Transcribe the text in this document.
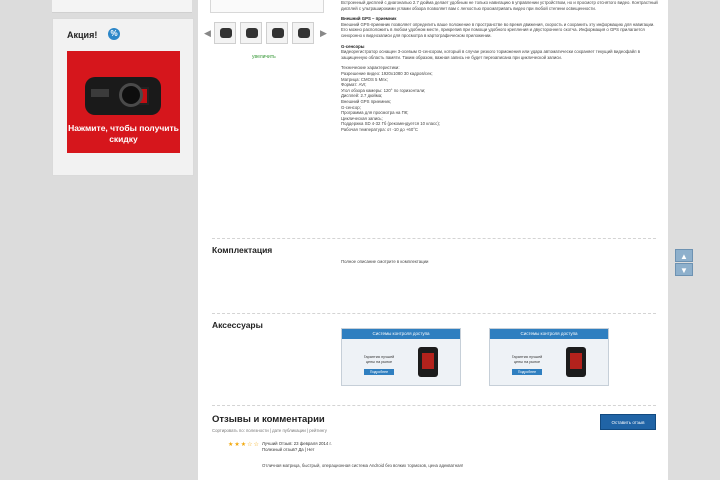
Акция!	%
Нажмите, чтобы получить скидку
◀	▶
увеличить

Встроенный дисплей с диагональю 2.7 дюйма делает удобным не только навигацию в управлении устройством, но и просмотр отснятого видео. Контрастный дисплей с ультраширокими углами обзора позволяет вам с легкостью просматривать видео при любой степени освещенности.

Внешний GPS – приемник

Внешний GPS-приемник позволяет определить ваше положение в пространстве во время движения, скорость и сохранить эту информацию для навигации. Его можно расположить в любом удобном месте, прикрепив при помощи удобного крепления и двустороннего скотча. Информация о GPS прилагается синхронно к видеозаписи для просмотра в картографическом приложении.

G-сенсоры

Видеорегистратор оснащен 3-осевым G-сенсором, который в случае резкого торможения или удара автоматически сохраняет текущий видеофайл в защищенную область памяти. Таким образом, важная запись не будет перезаписана при циклической записи.

Технические характеристики:

Разрешение видео: 1920x1080 30 кадров/сек;
Матрица: CMOS 5 Мпх;
Формат: AVI;
Угол обзора камеры: 120° по горизонтали;
Дисплей: 2.7 дюйма;
Внешний GPS приемник;
G-сенсор;
Программа для просмотра на ПК;
Циклическая запись;
Поддержка SD 4-32 Гб (рекомендуется 10 класс);
Рабочая температура: от -10 до +60°С
Комплектация
Полное описание смотрите в комплектации
Аксессуары
Системы контроля доступа
Гарантия лучшей цены на рынке
Подробнее
Системы контроля доступа
Гарантия лучшей цены на рынке
Подробнее
Отзывы и комментарии
Сортировать по: полезности | дате публикации | рейтингу
Оставить отзыв
★★★☆☆ Лучший Отзыв: 23 февраля 2014 г.
Полезный отзыв? Да | Нет
Отличная матрица, быстрый, операционная система Android без всяких тормозов, цена адекватная!
▲
▼
